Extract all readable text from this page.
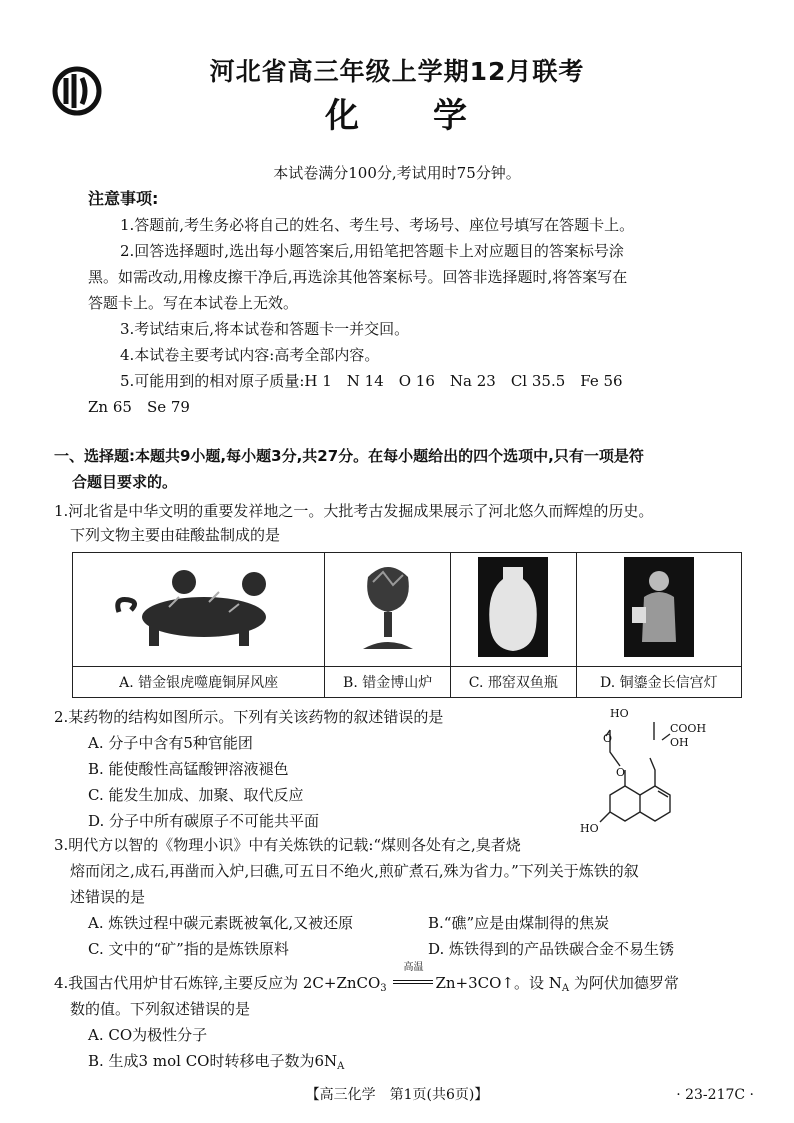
河北省高三年级上学期12月联考
化　　学
本试卷满分100分,考试用时75分钟。
注意事项:
1.答题前,考生务必将自己的姓名、考生号、考场号、座位号填写在答题卡上。
2.回答选择题时,选出每小题答案后,用铅笔把答题卡上对应题目的答案标号涂
黑。如需改动,用橡皮擦干净后,再选涂其他答案标号。回答非选择题时,将答案写在
答题卡上。写在本试卷上无效。
3.考试结束后,将本试卷和答题卡一并交回。
4.本试卷主要考试内容:高考全部内容。
5.可能用到的相对原子质量:H 1　N 14　O 16　Na 23　Cl 35.5　Fe 56
Zn 65　Se 79
一、选择题:本题共9小题,每小题3分,共27分。在每小题给出的四个选项中,只有一项是符
合题目要求的。
1.河北省是中华文明的重要发祥地之一。大批考古发掘成果展示了河北悠久而辉煌的历史。
下列文物主要由硅酸盐制成的是

A. 错金银虎噬鹿铜屏风座	B. 错金博山炉	C. 邢窑双鱼瓶	D. 铜鎏金长信宫灯
2.某药物的结构如图所示。下列有关该药物的叙述错误的是
A. 分子中含有5种官能团
B. 能使酸性高锰酸钾溶液褪色
C. 能发生加成、加聚、取代反应
D. 分子中所有碳原子不可能共平面
HO
COOH
OH
O
O
HO
3.明代方以智的《物理小识》中有关炼铁的记载:“煤则各处有之,臭者烧
熔而闭之,成石,再凿而入炉,曰礁,可五日不绝火,煎矿煮石,殊为省力。”下列关于炼铁的叙
述错误的是
A. 炼铁过程中碳元素既被氧化,又被还原	B.“礁”应是由煤制得的焦炭
C. 文中的“矿”指的是炼铁原料	D. 炼铁得到的产品铁碳合金不易生锈
4.我国古代用炉甘石炼锌,主要反应为 2C+ZnCO$_3$
高温
Zn+3CO↑。设 $N_A$ 为阿伏加德罗常
数的值。下列叙述错误的是
A. CO为极性分子
B. 生成3 mol CO时转移电子数为$6N_A$
【高三化学　第1页(共6页)】	· 23-217C ·
